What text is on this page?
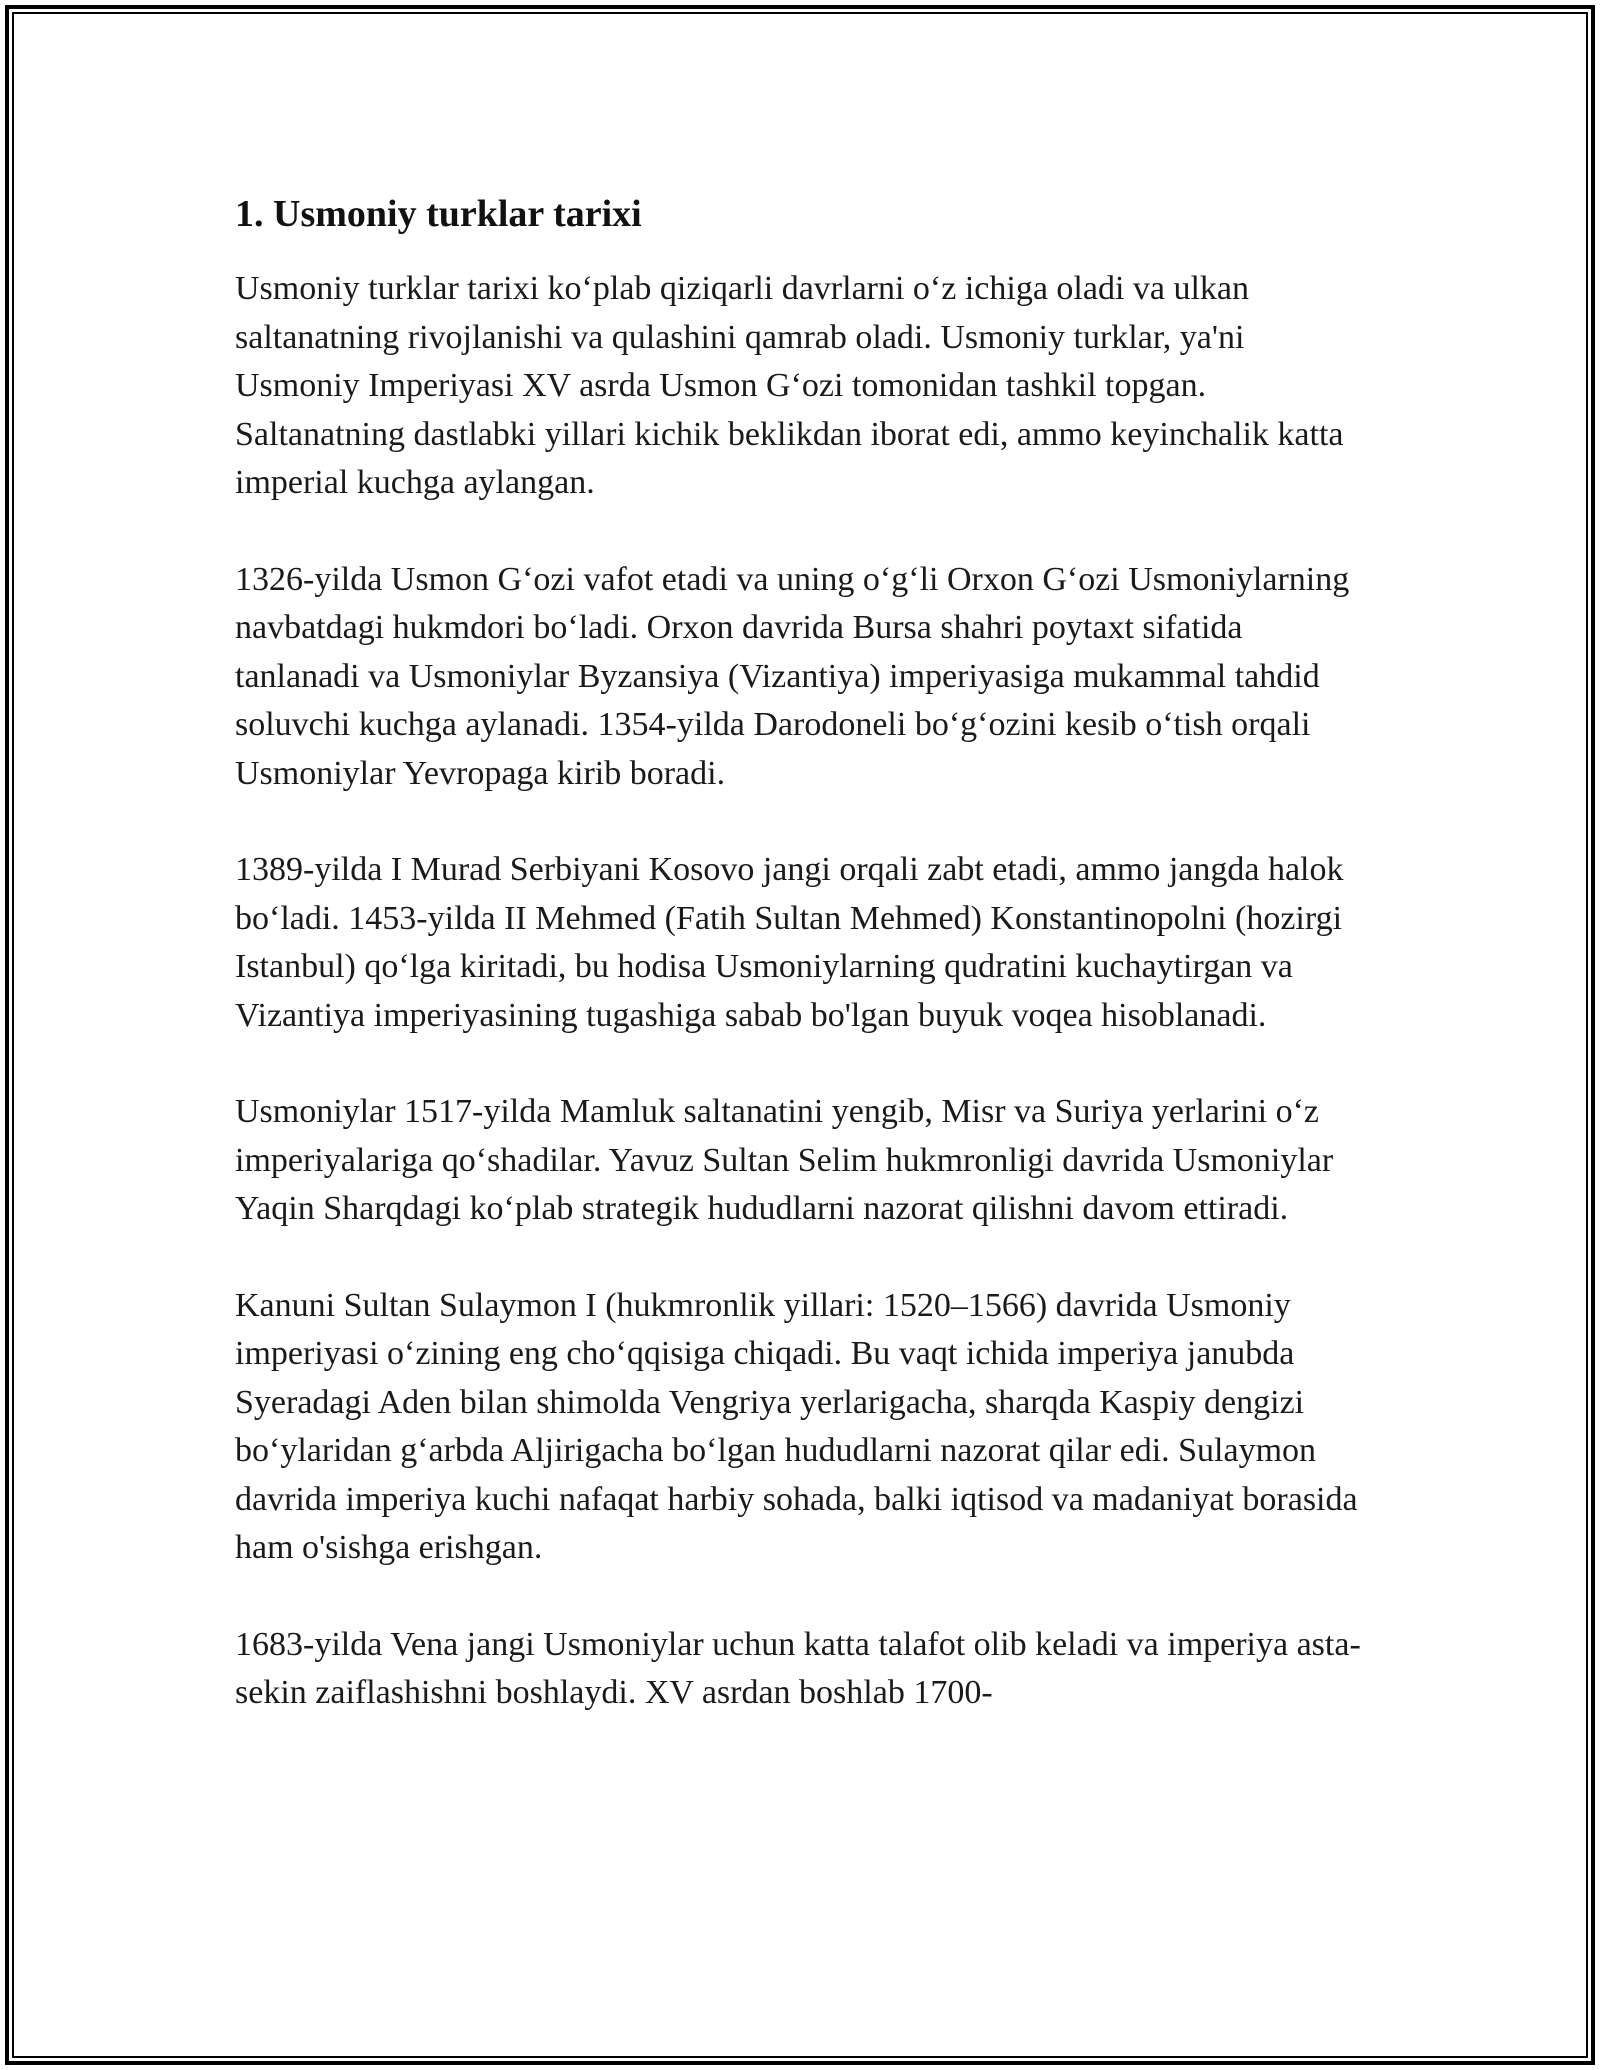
1. Usmoniy turklar tarixi

Usmoniy turklar tarixi ko‘plab qiziqarli davrlarni o‘z ichiga oladi va ulkan saltanatning rivojlanishi va qulashini qamrab oladi. Usmoniy turklar, ya'ni Usmoniy Imperiyasi XV asrda Usmon G‘ozi tomonidan tashkil topgan. Saltanatning dastlabki yillari kichik beklikdan iborat edi, ammo keyinchalik katta imperial kuchga aylangan.

1326-yilda Usmon G‘ozi vafot etadi va uning o‘g‘li Orxon G‘ozi Usmoniylarning navbatdagi hukmdori bo‘ladi. Orxon davrida Bursa shahri poytaxt sifatida tanlanadi va Usmoniylar Byzansiya (Vizantiya) imperiyasiga mukammal tahdid soluvchi kuchga aylanadi. 1354-yilda Darodoneli bo‘g‘ozini kesib o‘tish orqali Usmoniylar Yevropaga kirib boradi.

1389-yilda I Murad Serbiyani Kosovo jangi orqali zabt etadi, ammo jangda halok bo‘ladi. 1453-yilda II Mehmed (Fatih Sultan Mehmed) Konstantinopolni (hozirgi Istanbul) qo‘lga kiritadi, bu hodisa Usmoniylarning qudratini kuchaytirgan va Vizantiya imperiyasining tugashiga sabab bo'lgan buyuk voqea hisoblanadi.

Usmoniylar 1517-yilda Mamluk saltanatini yengib, Misr va Suriya yerlarini o‘z imperiyalariga qo‘shadilar. Yavuz Sultan Selim hukmronligi davrida Usmoniylar Yaqin Sharqdagi ko‘plab strategik hududlarni nazorat qilishni davom ettiradi.

Kanuni Sultan Sulaymon I (hukmronlik yillari: 1520–1566) davrida Usmoniy imperiyasi o‘zining eng cho‘qqisiga chiqadi. Bu vaqt ichida imperiya janubda Syeradagi Aden bilan shimolda Vengriya yerlarigacha, sharqda Kaspiy dengizi bo‘ylaridan g‘arbda Aljirigacha bo‘lgan hududlarni nazorat qilar edi. Sulaymon davrida imperiya kuchi nafaqat harbiy sohada, balki iqtisod va madaniyat borasida ham o'sishga erishgan.

1683-yilda Vena jangi Usmoniylar uchun katta talafot olib keladi va imperiya asta-sekin zaiflashishni boshlaydi. XV asrdan boshlab 1700-
